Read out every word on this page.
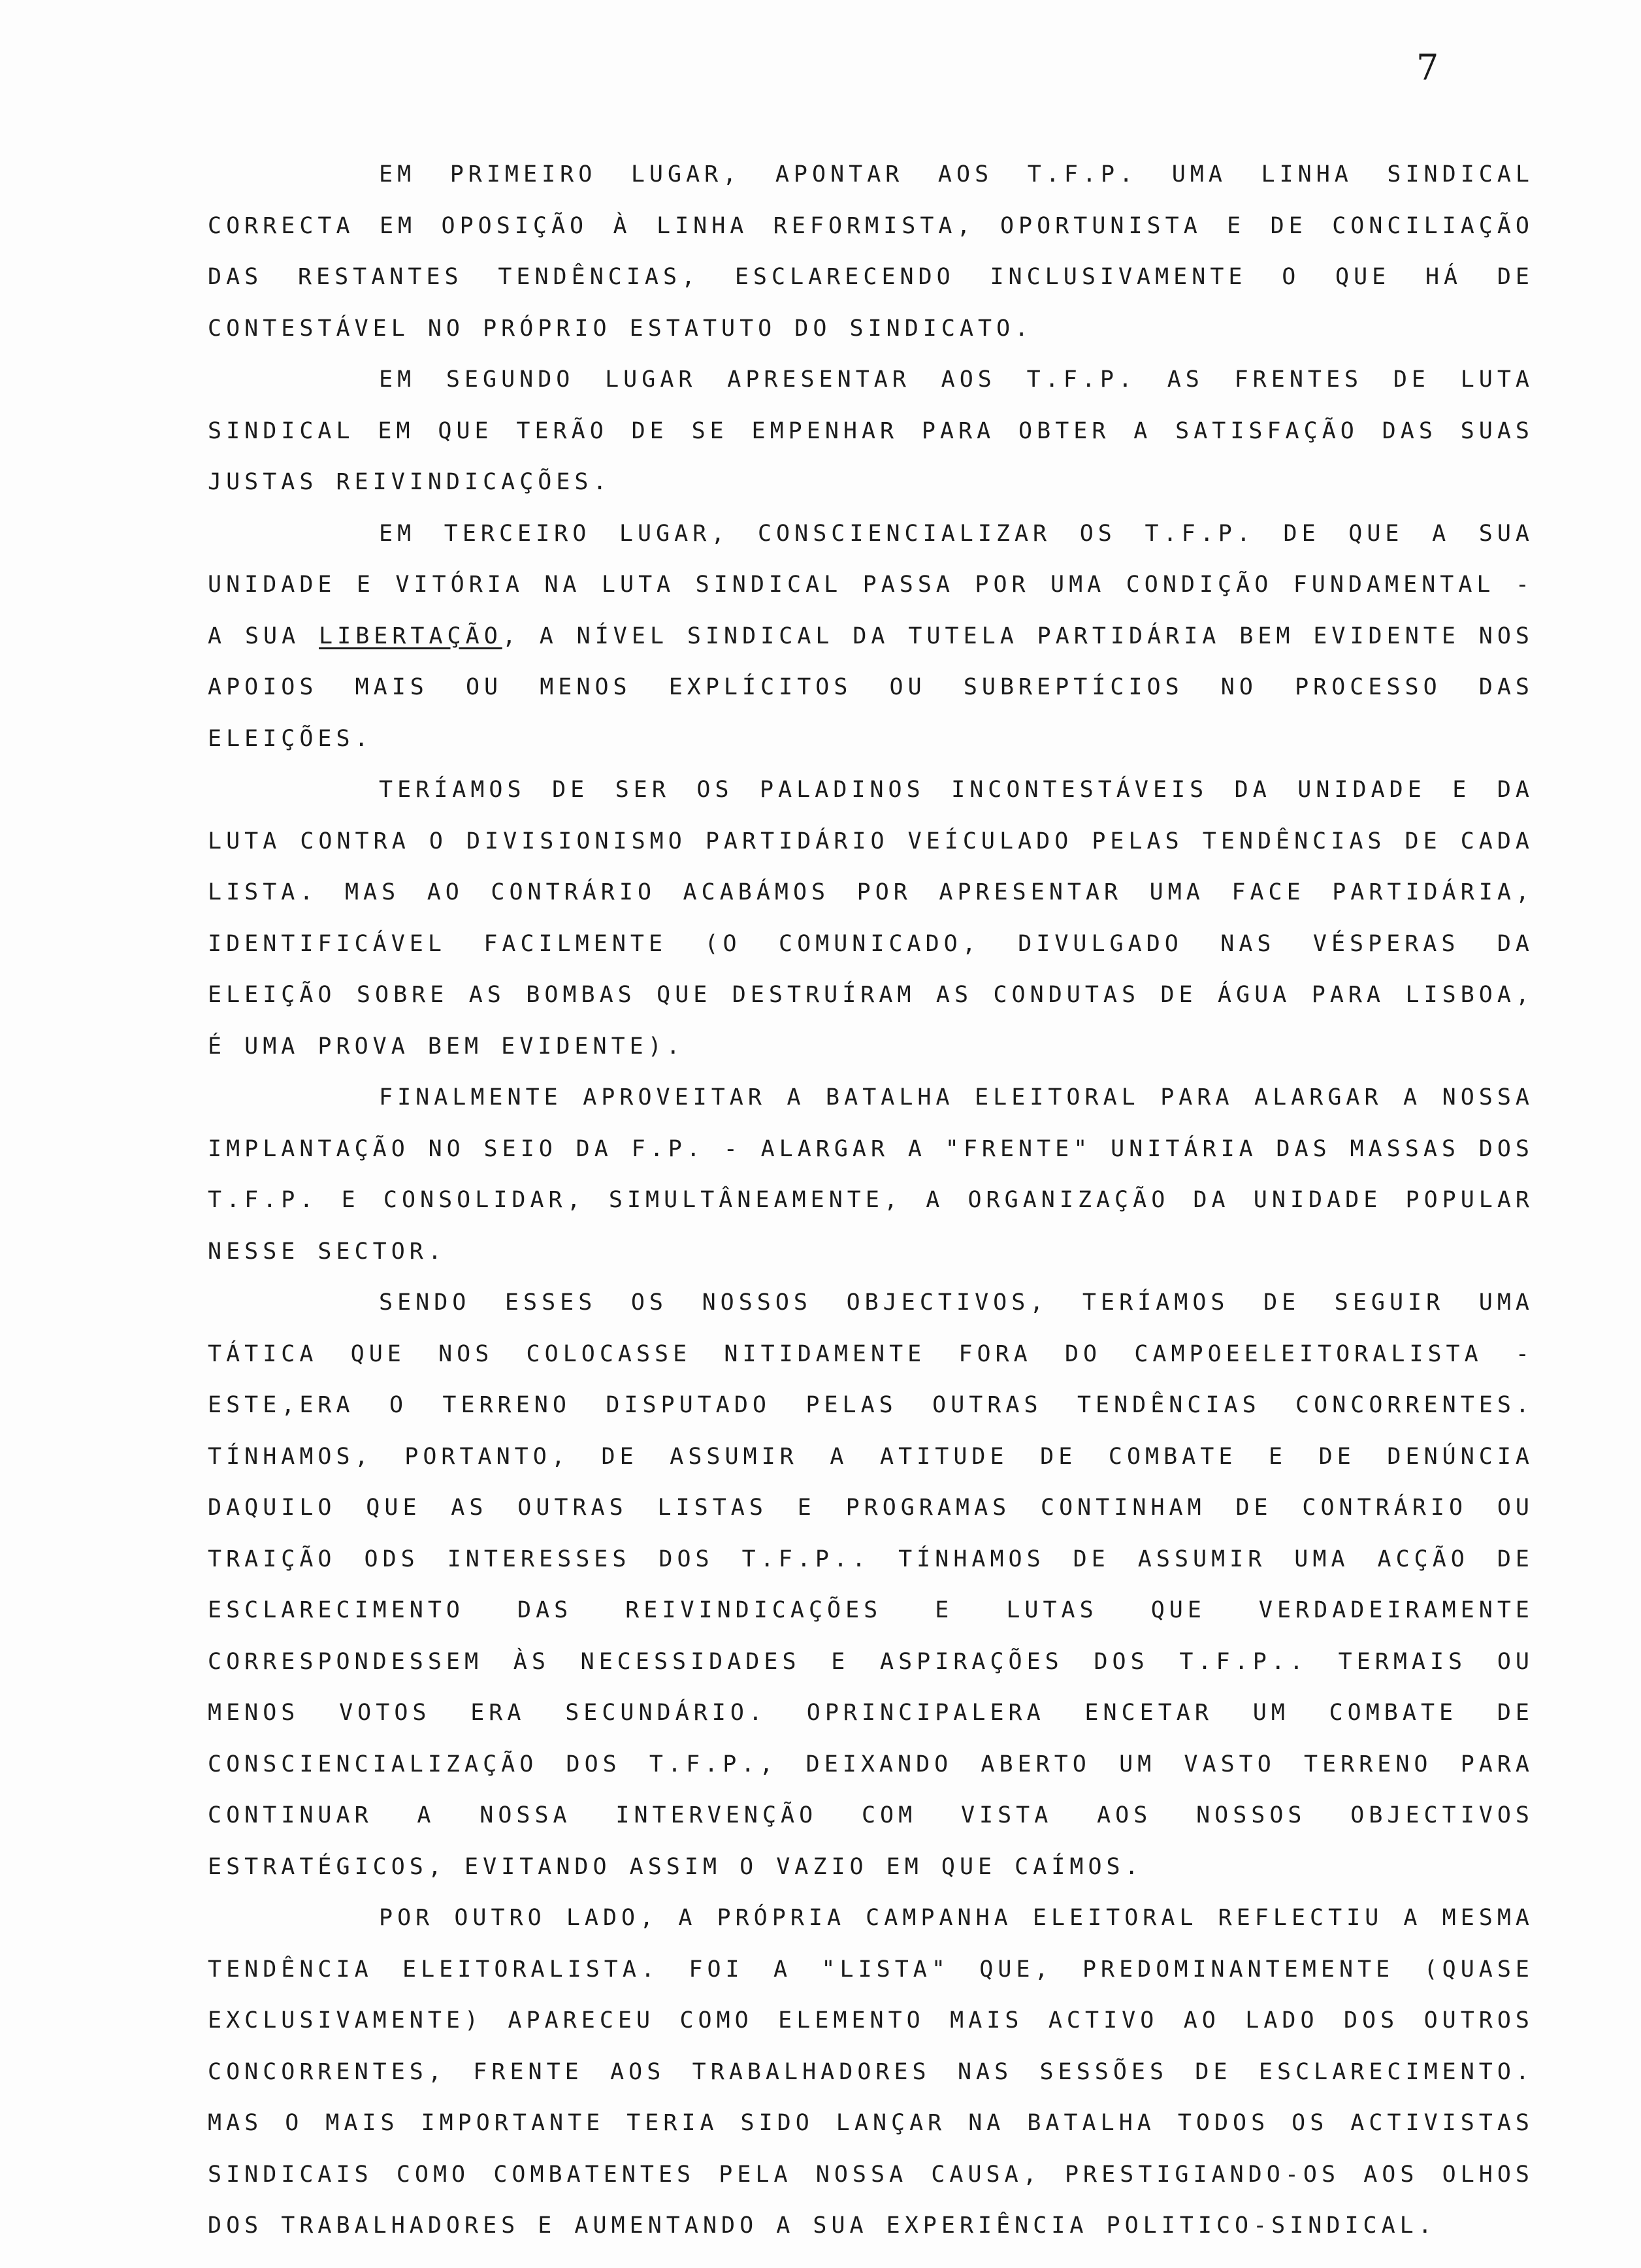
7

EM PRIMEIRO LUGAR, APONTAR AOS T.F.P. UMA LINHA SINDICAL CORRECTA EM OPOSIÇÃO À LINHA REFORMISTA, OPORTUNISTA E DE CONCILIAÇÃO DAS RESTANTES TENDÊNCIAS, ESCLARECENDO INCLUSIVAMENTE O QUE HÁ DE CONTESTÁVEL NO PRÓPRIO ESTATUTO DO SINDICATO.

EM SEGUNDO LUGAR APRESENTAR AOS T.F.P. AS FRENTES DE LUTA SINDICAL EM QUE TERÃO DE SE EMPENHAR PARA OBTER A SATISFAÇÃO DAS SUAS JUSTAS REIVINDICAÇÕES.

EM TERCEIRO LUGAR, CONSCIENCIALIZAR OS T.F.P. DE QUE A SUA UNIDADE E VITÓRIA NA LUTA SINDICAL PASSA POR UMA CONDIÇÃO FUNDAMENTAL - A SUA LIBERTAÇÃO, A NÍVEL SINDICAL DA TUTELA PARTIDÁRIA BEM EVIDENTE NOS APOIOS MAIS OU MENOS EXPLÍCITOS OU SUBREPTÍCIOS NO PROCESSO DAS ELEIÇÕES.

TERÍAMOS DE SER OS PALADINOS INCONTESTÁVEIS DA UNIDADE E DA LUTA CONTRA O DIVISIONISMO PARTIDÁRIO VEÍCULADO PELAS TENDÊNCIAS DE CADA LISTA. MAS AO CONTRÁRIO ACABÁMOS POR APRESENTAR UMA FACE PARTIDÁRIA, IDENTIFICÁVEL FACILMENTE (O COMUNICADO, DIVULGADO NAS VÉSPERAS DA ELEIÇÃO SOBRE AS BOMBAS QUE DESTRUÍRAM AS CONDUTAS DE ÁGUA PARA LISBOA, É UMA PROVA BEM EVIDENTE).

FINALMENTE APROVEITAR A BATALHA ELEITORAL PARA ALARGAR A NOSSA IMPLANTAÇÃO NO SEIO DA F.P. - ALARGAR A "FRENTE" UNITÁRIA DAS MASSAS DOS T.F.P. E CONSOLIDAR, SIMULTÂNEAMENTE, A ORGANIZAÇÃO DA UNIDADE POPULAR NESSE SECTOR.

SENDO ESSES OS NOSSOS OBJECTIVOS, TERÍAMOS DE SEGUIR UMA TÁTICA QUE NOS COLOCASSE NITIDAMENTE FORA DO CAMPOEELEITORALISTA - ESTE,ERA O TERRENO DISPUTADO PELAS OUTRAS TENDÊNCIAS CONCORRENTES. TÍNHAMOS, PORTANTO, DE ASSUMIR A ATITUDE DE COMBATE E DE DENÚNCIA DAQUILO QUE AS OUTRAS LISTAS E PROGRAMAS CONTINHAM DE CONTRÁRIO OU TRAIÇÃO ODS INTERESSES DOS T.F.P.. TÍNHAMOS DE ASSUMIR UMA ACÇÃO DE ESCLARECIMENTO DAS REIVINDICAÇÕES E LUTAS QUE VERDADEIRAMENTE CORRESPONDESSEM ÀS NECESSIDADES E ASPIRAÇÕES DOS T.F.P.. TERMAIS OU MENOS VOTOS ERA SECUNDÁRIO. OPRINCIPALERA ENCETAR UM COMBATE DE CONSCIENCIALIZAÇÃO DOS T.F.P., DEIXANDO ABERTO UM VASTO TERRENO PARA CONTINUAR A NOSSA INTERVENÇÃO COM VISTA AOS NOSSOS OBJECTIVOS ESTRATÉGICOS, EVITANDO ASSIM O VAZIO EM QUE CAÍMOS.

POR OUTRO LADO, A PRÓPRIA CAMPANHA ELEITORAL REFLECTIU A MESMA TENDÊNCIA ELEITORALISTA. FOI A "LISTA" QUE, PREDOMINANTEMENTE (QUASE EXCLUSIVAMENTE) APARECEU COMO ELEMENTO MAIS ACTIVO AO LADO DOS OUTROS CONCORRENTES, FRENTE AOS TRABALHADORES NAS SESSÕES DE ESCLARECIMENTO. MAS O MAIS IMPORTANTE TERIA SIDO LANÇAR NA BATALHA TODOS OS ACTIVISTAS SINDICAIS COMO COMBATENTES PELA NOSSA CAUSA, PRESTIGIANDO-OS AOS OLHOS DOS TRABALHADORES E AUMENTANDO A SUA EXPERIÊNCIA POLITICO-SINDICAL.
